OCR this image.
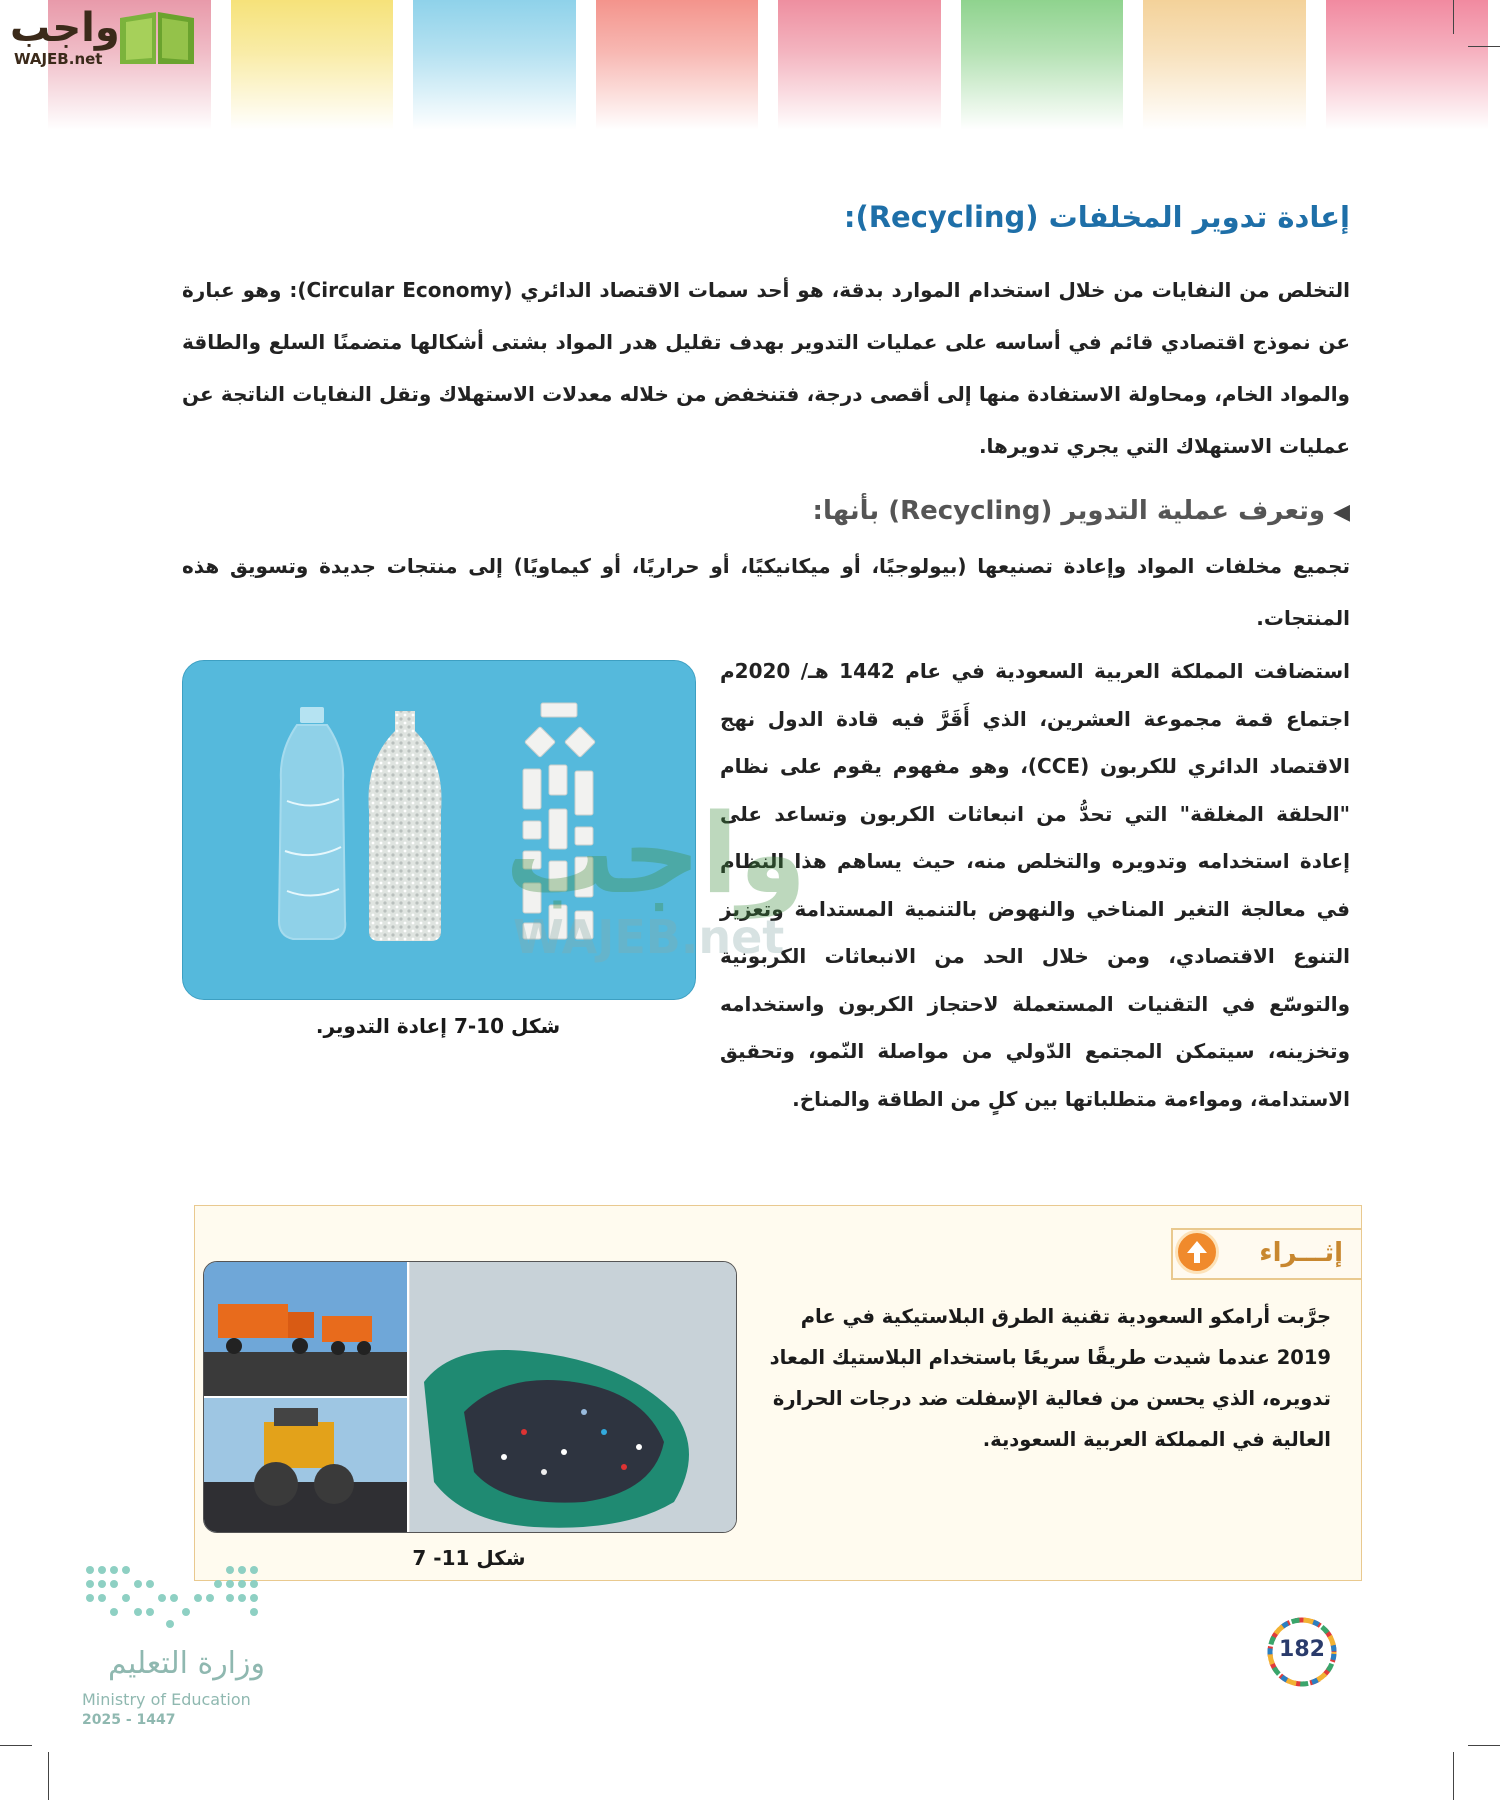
واجب
WAJEB.net
إعادة تدوير المخلفات (Recycling):
التخلص من النفايات من خلال استخدام الموارد بدقة، هو أحد سمات الاقتصاد الدائري (Circular Economy): وهو عبارة عن نموذج اقتصادي قائم في أساسه على عمليات التدوير بهدف تقليل هدر المواد بشتى أشكالها متضمنًا السلع والطاقة والمواد الخام، ومحاولة الاستفادة منها إلى أقصى درجة، فتنخفض من خلاله معدلات الاستهلاك وتقل النفايات الناتجة عن عمليات الاستهلاك التي يجري تدويرها.
◀وتعرف عملية التدوير (Recycling) بأنها:
تجميع مخلفات المواد وإعادة تصنيعها (بيولوجيًا، أو ميكانيكيًا، أو حراريًا، أو كيماويًا) إلى منتجات جديدة وتسويق هذه المنتجات.
استضافت المملكة العربية السعودية في عام 1442 هـ/ 2020م اجتماع قمة مجموعة العشرين، الذي أَقَرَّ فيه قادة الدول نهج الاقتصاد الدائري للكربون (CCE)، وهو مفهوم يقوم على نظام "الحلقة المغلقة" التي تحدُّ من انبعاثات الكربون وتساعد على إعادة استخدامه وتدويره والتخلص منه، حيث يساهم هذا النظام في معالجة التغير المناخي والنهوض بالتنمية المستدامة وتعزيز التنوع الاقتصادي، ومن خلال الحد من الانبعاثات الكربونية والتوسّع في التقنيات المستعملة لاحتجاز الكربون واستخدامه وتخزينه، سيتمكن المجتمع الدّولي من مواصلة النّمو، وتحقيق الاستدامة، ومواءمة متطلباتها بين كلٍ من الطاقة والمناخ.
شكل 10-7 إعادة التدوير.
واجب
WAJEB.net
إثـــراء
جرَّبت أرامكو السعودية تقنية الطرق البلاستيكية في عام 2019 عندما شيدت طريقًا سريعًا باستخدام البلاستيك المعاد تدويره، الذي يحسن من فعالية الإسفلت ضد درجات الحرارة العالية في المملكة العربية السعودية.
شكل 11- 7
وزارة التعليم
Ministry of Education
2025 - 1447
182
